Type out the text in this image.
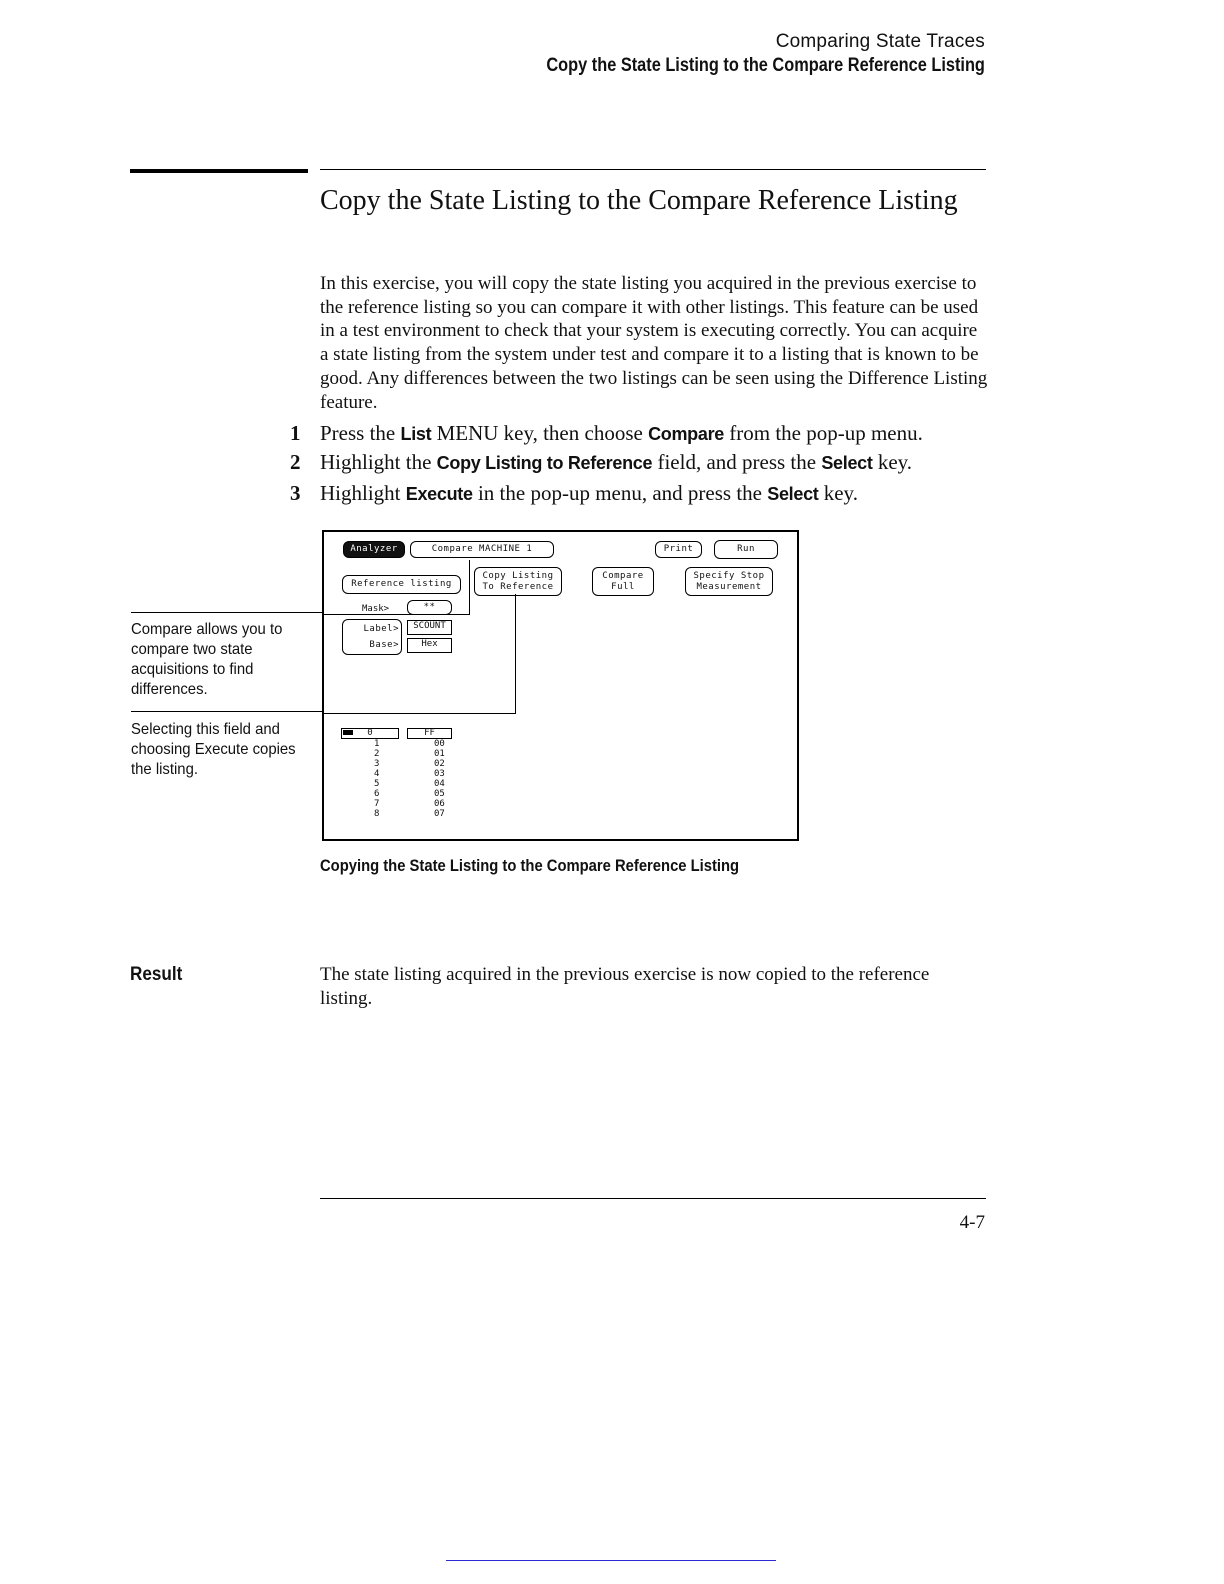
Comparing State Traces
Copy the State Listing to the Compare Reference Listing
Copy the State Listing to the Compare Reference Listing
In this exercise, you will copy the state listing you acquired in the previous exercise to the reference listing so you can compare it with other listings. This feature can be used in a test environment to check that your system is executing correctly. You can acquire a state listing from the system under test and compare it to a listing that is known to be good. Any differences between the two listings can be seen using the Difference Listing feature.
1 Press the List MENU key, then choose Compare from the pop-up menu.
2 Highlight the Copy Listing to Reference field, and press the Select key.
3 Highlight Execute in the pop-up menu, and press the Select key.
Analyzer	Compare MACHINE 1	Print	Run
Reference listing
Copy Listing
To Reference
Compare
Full
Specify Stop
Measurement
Mask>	**
Label>
Base>
SCOUNT
Hex
0	FF
1	00
2	01
3	02
4	03
5	04
6	05
7	06
8	07
Compare allows you to compare two state acquisitions to find differences.
Selecting this field and choosing Execute copies the listing.
Copying the State Listing to the Compare Reference Listing
Result	The state listing acquired in the previous exercise is now copied to the reference listing.
4-7
